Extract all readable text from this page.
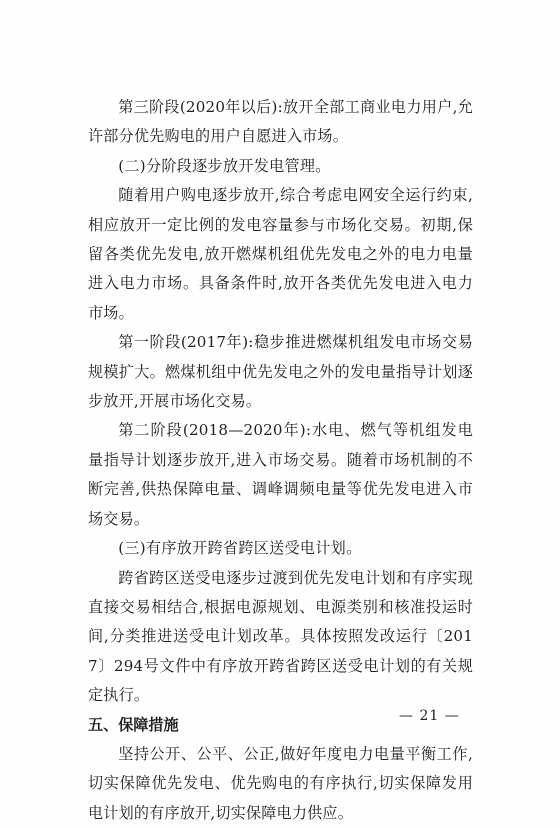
第三阶段(2020年以后):放开全部工商业电力用户,允许部分优先购电的用户自愿进入市场。

(二)分阶段逐步放开发电管理。

随着用户购电逐步放开,综合考虑电网安全运行约束,相应放开一定比例的发电容量参与市场化交易。初期,保留各类优先发电,放开燃煤机组优先发电之外的电力电量进入电力市场。具备条件时,放开各类优先发电进入电力市场。

第一阶段(2017年):稳步推进燃煤机组发电市场交易规模扩大。燃煤机组中优先发电之外的发电量指导计划逐步放开,开展市场化交易。

第二阶段(2018—2020年):水电、燃气等机组发电量指导计划逐步放开,进入市场交易。随着市场机制的不断完善,供热保障电量、调峰调频电量等优先发电进入市场交易。

(三)有序放开跨省跨区送受电计划。

跨省跨区送受电逐步过渡到优先发电计划和有序实现直接交易相结合,根据电源规划、电源类别和核准投运时间,分类推进送受电计划改革。具体按照发改运行〔2017〕294号文件中有序放开跨省跨区送受电计划的有关规定执行。

五、保障措施

坚持公开、公平、公正,做好年度电力电量平衡工作,切实保障优先发电、优先购电的有序执行,切实保障发用电计划的有序放开,切实保障电力供应。

— 21 —
